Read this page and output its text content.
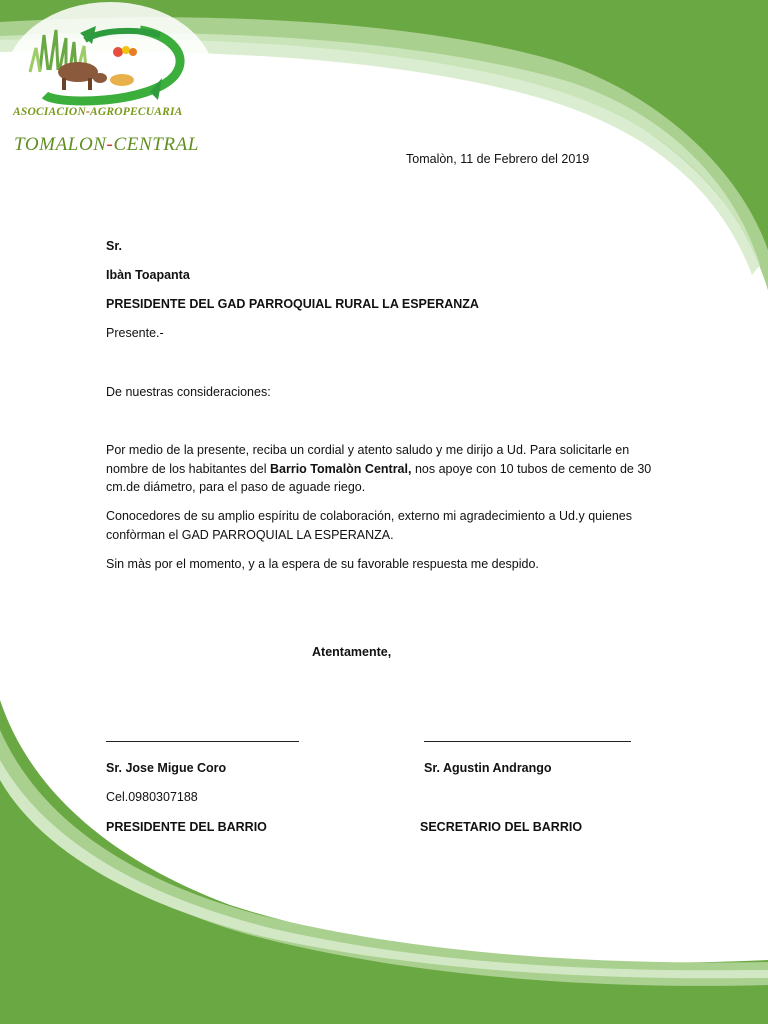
ASOCIACION-AGROPECUARIA
TOMALON-CENTRAL
Tomalòn, 11 de Febrero del 2019
Sr.
Ibàn Toapanta
PRESIDENTE DEL GAD PARROQUIAL RURAL LA ESPERANZA
Presente.-
De nuestras consideraciones:
Por medio de la presente, reciba un cordial y atento saludo y me dirijo a Ud. Para solicitarle en nombre de los habitantes del Barrio Tomalòn Central, nos apoye con 10 tubos de cemento de 30 cm.de diámetro, para el paso de aguade riego.
Conocedores de su amplio espíritu de colaboración, externo mi agradecimiento a Ud.y quienes confòrman el GAD PARROQUIAL LA ESPERANZA.
Sin màs por el momento, y a la espera de su favorable respuesta me despido.
Atentamente,
Sr. Jose Migue Coro
Cel.0980307188
PRESIDENTE DEL BARRIO
Sr. Agustin Andrango
SECRETARIO DEL BARRIO
